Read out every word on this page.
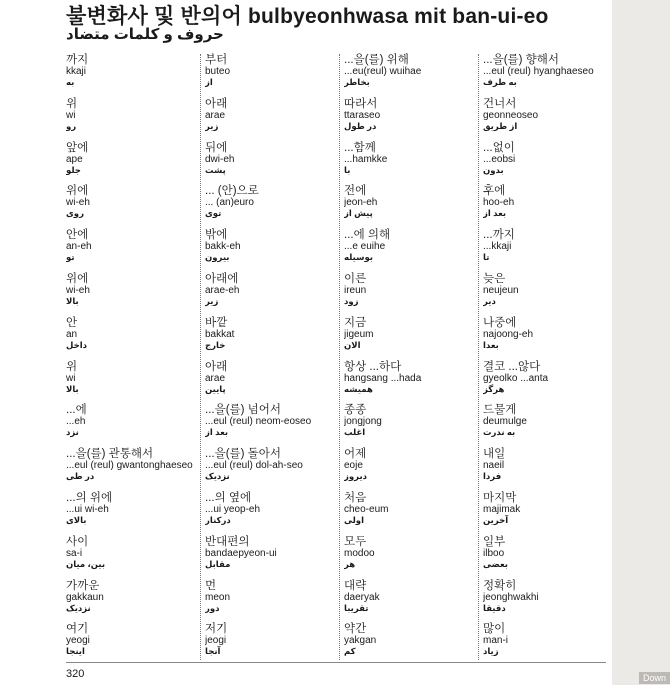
불변화사 및 반의어 bulbyeonhwasa mit ban-ui-eo
حروف و کلمات متضاد
까지
kkaji
به
위
wi
رو
앞에
ape
جلو
위에
wi-eh
روی
안에
an-eh
تو
위에
wi-eh
بالا
안
an
داخل
위
wi
بالا
...에
...eh
نزد
...을(를) 관통해서
...eul (reul) gwantonghaeseo
در طی
...의 위에
...ui wi-eh
بالای
사이
sa-i
بین، میان
가까운
gakkaun
نزدیک
여기
yeogi
اینجا
부터
buteo
از
아래
arae
زیر
뒤에
dwi-eh
پشت
... (안)으로
... (an)euro
توی
밖에
bakk-eh
بیرون
아래에
arae-eh
زیر
바깥
bakkat
خارج
아래
arae
پایین
...을(를) 넘어서
...eul (reul) neom-eoseo
بعد از
...을(를) 돌아서
...eul (reul) dol-ah-seo
نزدیک
...의 옆에
...ui yeop-eh
درکنار
반대편의
bandaepyeon-ui
مقابل
먼
meon
دور
저기
jeogi
آنجا
...을(를) 위해
...eu(reul) wuihae
بخاطر
따라서
ttaraseo
در طول
...함께
...hamkke
با
전에
jeon-eh
پیش از
...에 의해
...e euihe
بوسیله
이른
ireun
زود
지금
jigeum
الان
항상 ...하다
hangsang ...hada
همیشه
종종
jongjong
اغلب
어제
eoje
دیروز
처음
cheo-eum
اولی
모두
modoo
هر
대략
daeryak
تقریبا
약간
yakgan
کم
...을(를) 향해서
...eul (reul) hyanghaeseo
به طرف
건너서
geonneoseo
از طریق
...없이
...eobsi
بدون
후에
hoo-eh
بعد از
...까지
...kkaji
تا
늦은
neujeun
دیر
나중에
najoong-eh
بعدا
결코 ...않다
gyeolko ...anta
هرگز
드물게
deumulge
به ندرت
내일
naeil
فردا
마지막
majimak
آخرین
일부
ilboo
بعضی
정확히
jeonghwakhi
دقیقا
많이
man-i
زیاد
320	Down
